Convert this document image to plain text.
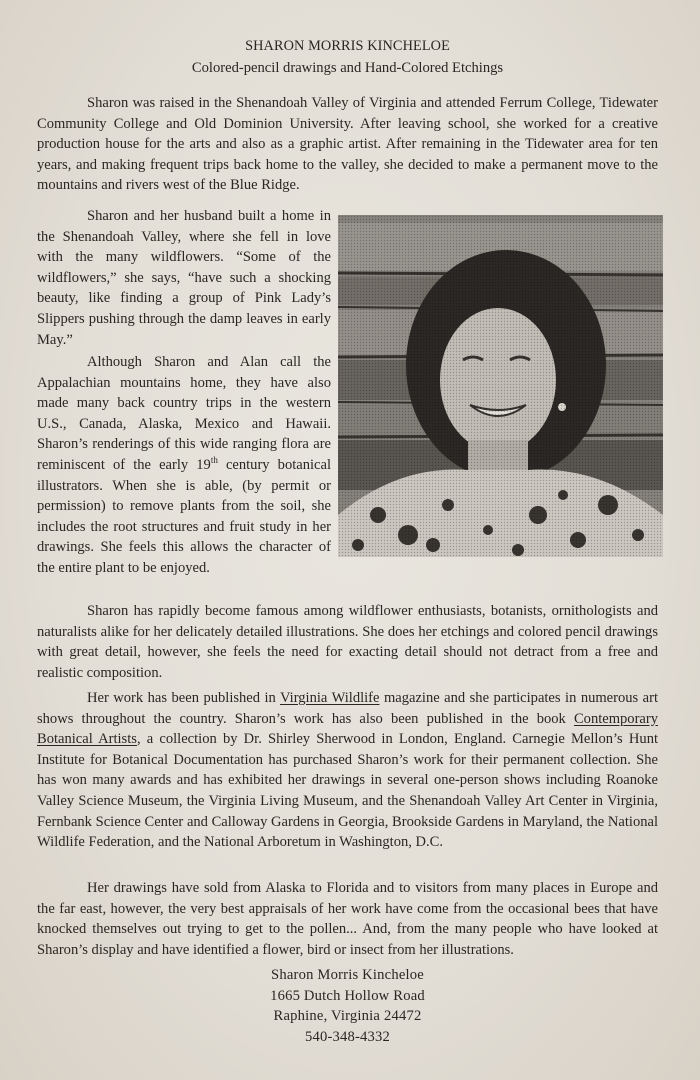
SHARON MORRIS KINCHELOE
Colored-pencil drawings and Hand-Colored Etchings

Sharon was raised in the Shenandoah Valley of Virginia and attended Ferrum College, Tidewater Community College and Old Dominion University. After leaving school, she worked for a creative production house for the arts and also as a graphic artist. After remaining in the Tidewater area for ten years, and making frequent trips back home to the valley, she decided to make a permanent move to the mountains and rivers west of the Blue Ridge.

Sharon and her husband built a home in the Shenandoah Valley, where she fell in love with the many wildflowers. “Some of the wildflowers,” she says, “have such a shocking beauty, like finding a group of Pink Lady’s Slippers pushing through the damp leaves in early May.”

Although Sharon and Alan call the Appalachian mountains home, they have also made many back country trips in the western U.S., Canada, Alaska, Mexico and Hawaii. Sharon’s renderings of this wide ranging flora are reminiscent of the early 19th century botanical illustrators. When she is able, (by permit or permission) to remove plants from the soil, she includes the root structures and fruit study in her drawings. She feels this allows the character of the entire plant to be enjoyed.

Sharon has rapidly become famous among wildflower enthusiasts, botanists, ornithologists and naturalists alike for her delicately detailed illustrations. She does her etchings and colored pencil drawings with great detail, however, she feels the need for exacting detail should not detract from a free and realistic composition.

Her work has been published in Virginia Wildlife magazine and she participates in numerous art shows throughout the country. Sharon’s work has also been published in the book Contemporary Botanical Artists, a collection by Dr. Shirley Sherwood in London, England. Carnegie Mellon’s Hunt Institute for Botanical Documentation has purchased Sharon’s work for their permanent collection. She has won many awards and has exhibited her drawings in several one-person shows including Roanoke Valley Science Museum, the Virginia Living Museum, and the Shenandoah Valley Art Center in Virginia, Fernbank Science Center and Calloway Gardens in Georgia, Brookside Gardens in Maryland, the National Wildlife Federation, and the National Arboretum in Washington, D.C.

Her drawings have sold from Alaska to Florida and to visitors from many places in Europe and the far east, however, the very best appraisals of her work have come from the occasional bees that have knocked themselves out trying to get to the pollen... And, from the many people who have looked at Sharon’s display and have identified a flower, bird or insect from her illustrations.

Sharon Morris Kincheloe
1665 Dutch Hollow Road
Raphine, Virginia 24472
540-348-4332
